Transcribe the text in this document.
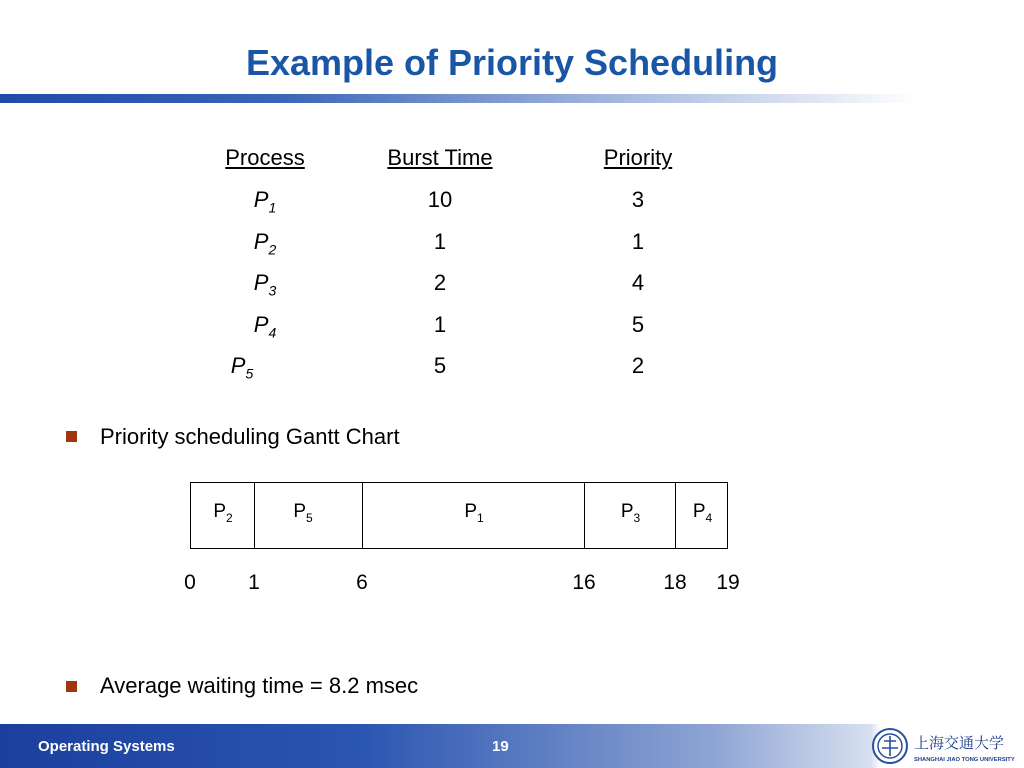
Example of Priority Scheduling
Process	Burst Time	Priority
$P_1$	10	3
$P_2$	1	1
$P_3$	2	4
$P_4$	1	5
$P_5$	5	2
Priority scheduling Gantt Chart
$P_2$	$P_5$	$P_1$	$P_3$	$P_4$
0 1	6	16	18 19
Average waiting time = 8.2 msec
Operating Systems	19	上海交通大学
SHANGHAI JIAO TONG UNIVERSITY
